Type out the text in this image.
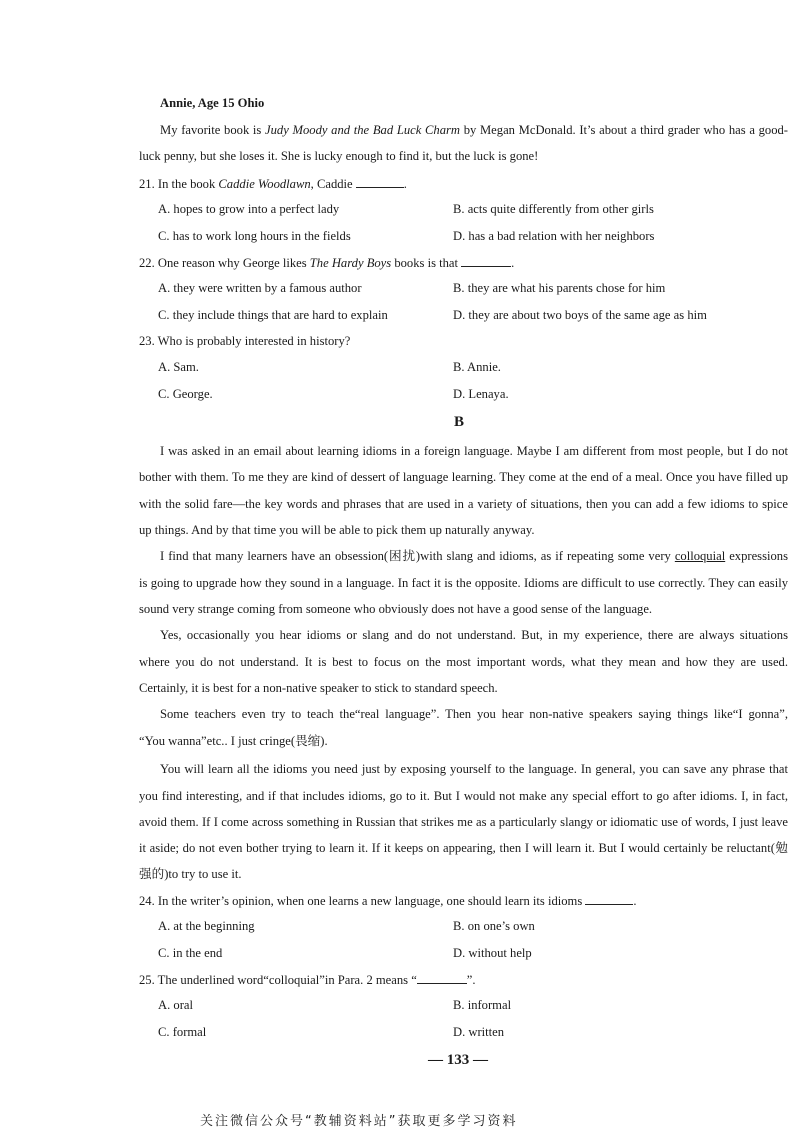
Annie, Age 15 Ohio
My favorite book is Judy Moody and the Bad Luck Charm by Megan McDonald. It’s about a third grader who has a good-
luck penny, but she loses it. She is lucky enough to find it, but the luck is gone!
21. In the book Caddie Woodlawn, Caddie	.
A. hopes to grow into a perfect lady	B. acts quite differently from other girls
C. has to work long hours in the fields	D. has a bad relation with her neighbors
22. One reason why George likes The Hardy Boys books is that	.
A. they were written by a famous author	B. they are what his parents chose for him
C. they include things that are hard to explain	D. they are about two boys of the same age as him
23. Who is probably interested in history?
A. Sam.	B. Annie.
C. George.	D. Lenaya.
B
I was asked in an email about learning idioms in a foreign language. Maybe I am different from most people, but I do not
bother with them. To me they are kind of dessert of language learning. They come at the end of a meal. Once you have filled up
with the solid fare—the key words and phrases that are used in a variety of situations, then you can add a few idioms to spice
up things. And by that time you will be able to pick them up naturally anyway.
I find that many learners have an obsession(困扰)with slang and idioms, as if repeating some very colloquial expressions
is going to upgrade how they sound in a language. In fact it is the opposite. Idioms are difficult to use correctly. They can easily
sound very strange coming from someone who obviously does not have a good sense of the language.
Yes, occasionally you hear idioms or slang and do not understand. But, in my experience, there are always situations
where you do not understand. It is best to focus on the most important words, what they mean and how they are used.
Certainly, it is best for a non-native speaker to stick to standard speech.
Some teachers even try to teach the“real language”. Then you hear non-native speakers saying things like“I gonna”,
“You wanna”etc.. I just cringe(畏缩).
You will learn all the idioms you need just by exposing yourself to the language. In general, you can save any phrase that
you find interesting, and if that includes idioms, go to it. But I would not make any special effort to go after idioms. I, in fact,
avoid them. If I come across something in Russian that strikes me as a particularly slangy or idiomatic use of words, I just leave
it aside; do not even bother trying to learn it. If it keeps on appearing, then I will learn it. But I would certainly be reluctant(勉
强的)to try to use it.
24. In the writer’s opinion, when one learns a new language, one should learn its idioms	.
A. at the beginning	B. on one’s own
C. in the end	D. without help
25. The underlined word“colloquial”in Para. 2 means “	”.
A. oral	B. informal
C. formal	D. written
— 133 —
关注微信公众号“教辅资料站”获取更多学习资料
